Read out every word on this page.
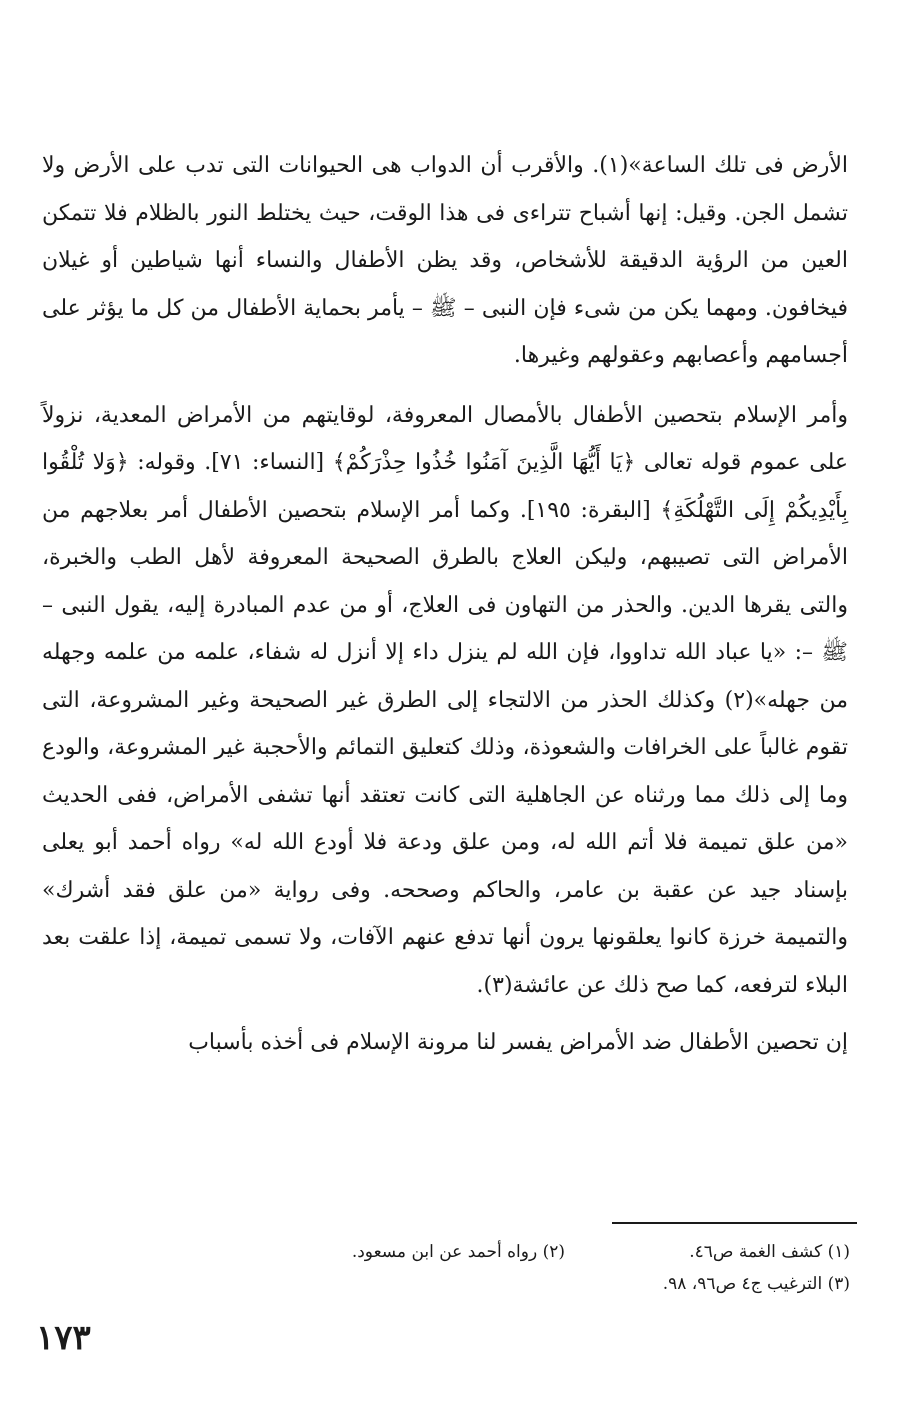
الأرض فى تلك الساعة»(١). والأقرب أن الدواب هى الحيوانات التى تدب على الأرض ولا تشمل الجن. وقيل: إنها أشباح تتراءى فى هذا الوقت، حيث يختلط النور بالظلام فلا تتمكن العين من الرؤية الدقيقة للأشخاص، وقد يظن الأطفال والنساء أنها شياطين أو غيلان فيخافون. ومهما يكن من شىء فإن النبى – ﷺ – يأمر بحماية الأطفال من كل ما يؤثر على أجسامهم وأعصابهم وعقولهم وغيرها.

وأمر الإسلام بتحصين الأطفال بالأمصال المعروفة، لوقايتهم من الأمراض المعدية، نزولاً على عموم قوله تعالى ﴿يَا أَيُّهَا الَّذِينَ آمَنُوا خُذُوا حِذْرَكُمْ﴾ [النساء: ٧١]. وقوله: ﴿وَلا تُلْقُوا بِأَيْدِيكُمْ إِلَى التَّهْلُكَةِ﴾ [البقرة: ١٩٥]. وكما أمر الإسلام بتحصين الأطفال أمر بعلاجهم من الأمراض التى تصيبهم، وليكن العلاج بالطرق الصحيحة المعروفة لأهل الطب والخبرة، والتى يقرها الدين. والحذر من التهاون فى العلاج، أو من عدم المبادرة إليه، يقول النبى – ﷺ –: «يا عباد الله تداووا، فإن الله لم ينزل داء إلا أنزل له شفاء، علمه من علمه وجهله من جهله»(٢) وكذلك الحذر من الالتجاء إلى الطرق غير الصحيحة وغير المشروعة، التى تقوم غالباً على الخرافات والشعوذة، وذلك كتعليق التمائم والأحجبة غير المشروعة، والودع وما إلى ذلك مما ورثناه عن الجاهلية التى كانت تعتقد أنها تشفى الأمراض، ففى الحديث «من علق تميمة فلا أتم الله له، ومن علق ودعة فلا أودع الله له» رواه أحمد أبو يعلى بإسناد جيد عن عقبة بن عامر، والحاكم وصححه. وفى رواية «من علق فقد أشرك» والتميمة خرزة كانوا يعلقونها يرون أنها تدفع عنهم الآفات، ولا تسمى تميمة، إذا علقت بعد البلاء لترفعه، كما صح ذلك عن عائشة(٣).

إن تحصين الأطفال ضد الأمراض يفسر لنا مرونة الإسلام فى أخذه بأسباب

(١) كشف الغمة ص٤٦.
(٢) رواه أحمد عن ابن مسعود.
(٣) الترغيب ج٤ ص٩٦، ٩٨.
١٧٣
